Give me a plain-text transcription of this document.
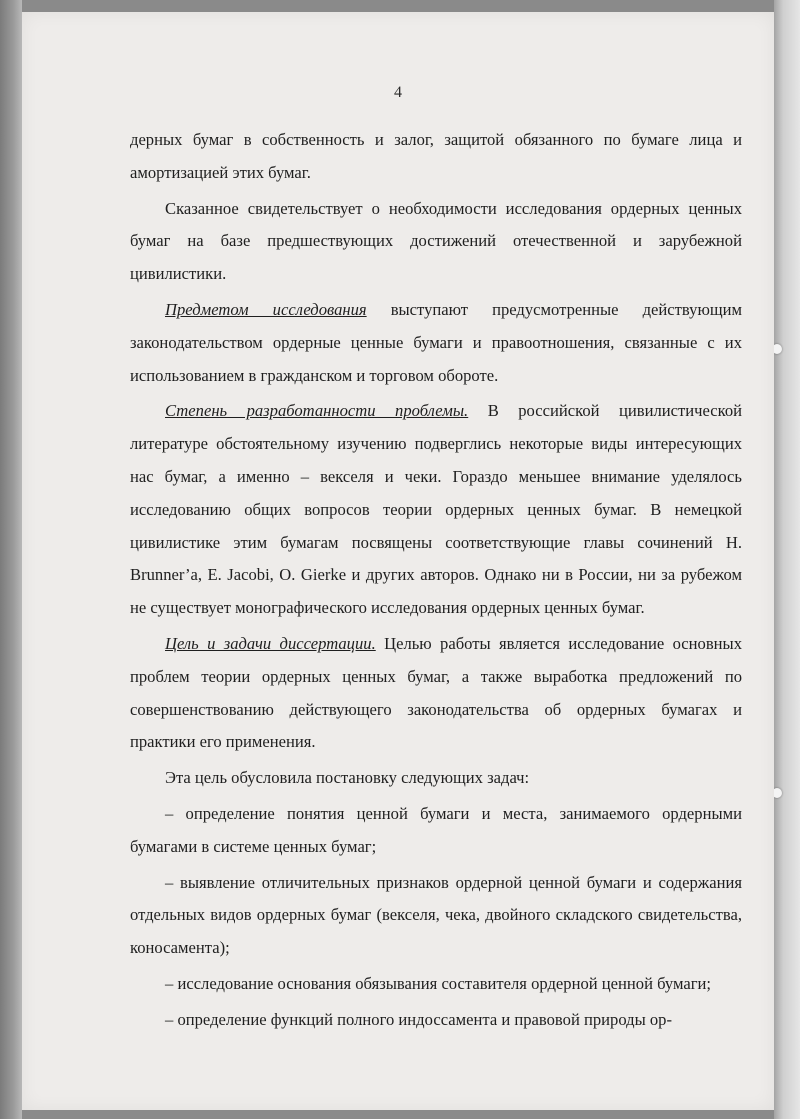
4

дерных бумаг в собственность и залог, защитой обязанного по бумаге лица и амортизацией этих бумаг.

Сказанное свидетельствует о необходимости исследования ордерных ценных бумаг на базе предшествующих достижений отечественной и зарубежной цивилистики.

Предметом исследования выступают предусмотренные действующим законодательством ордерные ценные бумаги и правоотношения, связанные с их использованием в гражданском и торговом обороте.

Степень разработанности проблемы. В российской цивилистической литературе обстоятельному изучению подверглись некоторые виды интересующих нас бумаг, а именно – векселя и чеки. Гораздо меньшее внимание уделялось исследованию общих вопросов теории ордерных ценных бумаг. В немецкой цивилистике этим бумагам посвящены соответствующие главы сочинений H. Brunner’a, E. Jacobi, O. Gierke и других авторов. Однако ни в России, ни за рубежом не существует монографического исследования ордерных ценных бумаг.

Цель и задачи диссертации. Целью работы является исследование основных проблем теории ордерных ценных бумаг, а также выработка предложений по совершенствованию действующего законодательства об ордерных бумагах и практики его применения.

Эта цель обусловила постановку следующих задач:

– определение понятия ценной бумаги и места, занимаемого ордерными бумагами в системе ценных бумаг;

– выявление отличительных признаков ордерной ценной бумаги и содержания отдельных видов ордерных бумаг (векселя, чека, двойного складского свидетельства, коносамента);

– исследование основания обязывания составителя ордерной ценной бумаги;

– определение функций полного индоссамента и правовой природы ор-
